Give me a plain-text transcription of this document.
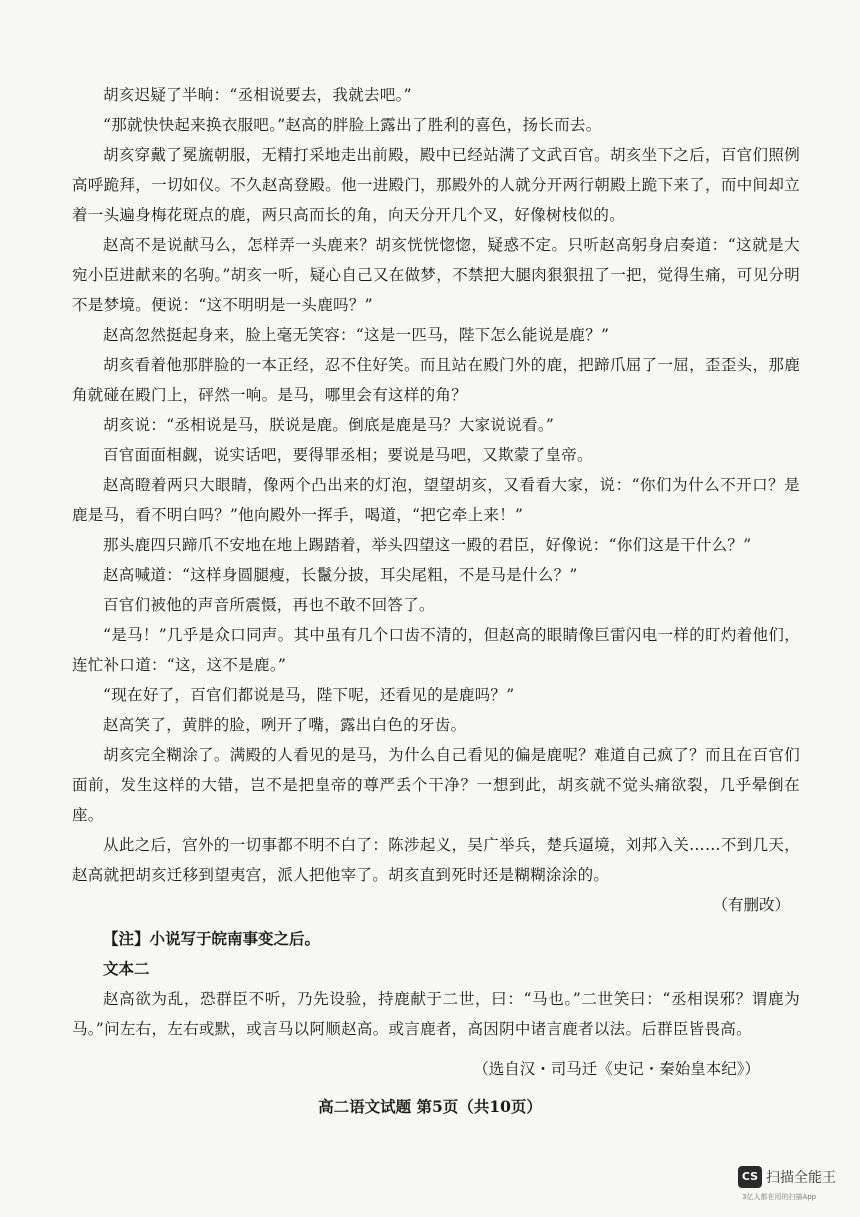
胡亥迟疑了半晌：“丞相说要去，我就去吧。”

“那就快快起来换衣服吧。”赵高的胖脸上露出了胜利的喜色，扬长而去。

胡亥穿戴了冕旒朝服，无精打采地走出前殿，殿中已经站满了文武百官。胡亥坐下之后，百官们照例高呼跪拜，一切如仪。不久赵高登殿。他一进殿门，那殿外的人就分开两行朝殿上跪下来了，而中间却立着一头遍身梅花斑点的鹿，两只高而长的角，向天分开几个叉，好像树枝似的。

赵高不是说献马么，怎样弄一头鹿来？胡亥恍恍惚惚，疑惑不定。只听赵高躬身启奏道：“这就是大宛小臣进献来的名驹。”胡亥一听，疑心自己又在做梦，不禁把大腿肉狠狠扭了一把，觉得生痛，可见分明不是梦境。便说：“这不明明是一头鹿吗？”

赵高忽然挺起身来，脸上毫无笑容：“这是一匹马，陛下怎么能说是鹿？”

胡亥看着他那胖脸的一本正经，忍不住好笑。而且站在殿门外的鹿，把蹄爪屈了一屈，歪歪头，那鹿角就碰在殿门上，砰然一响。是马，哪里会有这样的角？

胡亥说：“丞相说是马，朕说是鹿。倒底是鹿是马？大家说说看。”

百官面面相觑，说实话吧，要得罪丞相；要说是马吧，又欺蒙了皇帝。

赵高瞪着两只大眼睛，像两个凸出来的灯泡，望望胡亥，又看看大家，说：“你们为什么不开口？是鹿是马，看不明白吗？”他向殿外一挥手，喝道，“把它牵上来！”

那头鹿四只蹄爪不安地在地上踢踏着，举头四望这一殿的君臣，好像说：“你们这是干什么？”

赵高喊道：“这样身圆腿瘦，长鬣分披，耳尖尾粗，不是马是什么？”

百官们被他的声音所震慑，再也不敢不回答了。

“是马！”几乎是众口同声。其中虽有几个口齿不清的，但赵高的眼睛像巨雷闪电一样的盯灼着他们，连忙补口道：“这，这不是鹿。”

“现在好了，百官们都说是马，陛下呢，还看见的是鹿吗？”

赵高笑了，黄胖的脸，咧开了嘴，露出白色的牙齿。

胡亥完全糊涂了。满殿的人看见的是马，为什么自己看见的偏是鹿呢？难道自己疯了？而且在百官们面前，发生这样的大错，岂不是把皇帝的尊严丢个干净？一想到此，胡亥就不觉头痛欲裂，几乎晕倒在座。

从此之后，宫外的一切事都不明不白了：陈涉起义，吴广举兵，楚兵逼境，刘邦入关……不到几天，赵高就把胡亥迁移到望夷宫，派人把他宰了。胡亥直到死时还是糊糊涂涂的。

（有删改）

【注】小说写于皖南事变之后。

文本二

赵高欲为乱，恐群臣不听，乃先设验，持鹿献于二世，曰：“马也。”二世笑曰：“丞相误邪？谓鹿为马。”问左右，左右或默，或言马以阿顺赵高。或言鹿者，高因阴中诸言鹿者以法。后群臣皆畏高。

（选自汉・司马迁《史记・秦始皇本纪》）

高二语文试题 第5页（共10页）
CS 扫描全能王
3亿人都在用的扫描App
